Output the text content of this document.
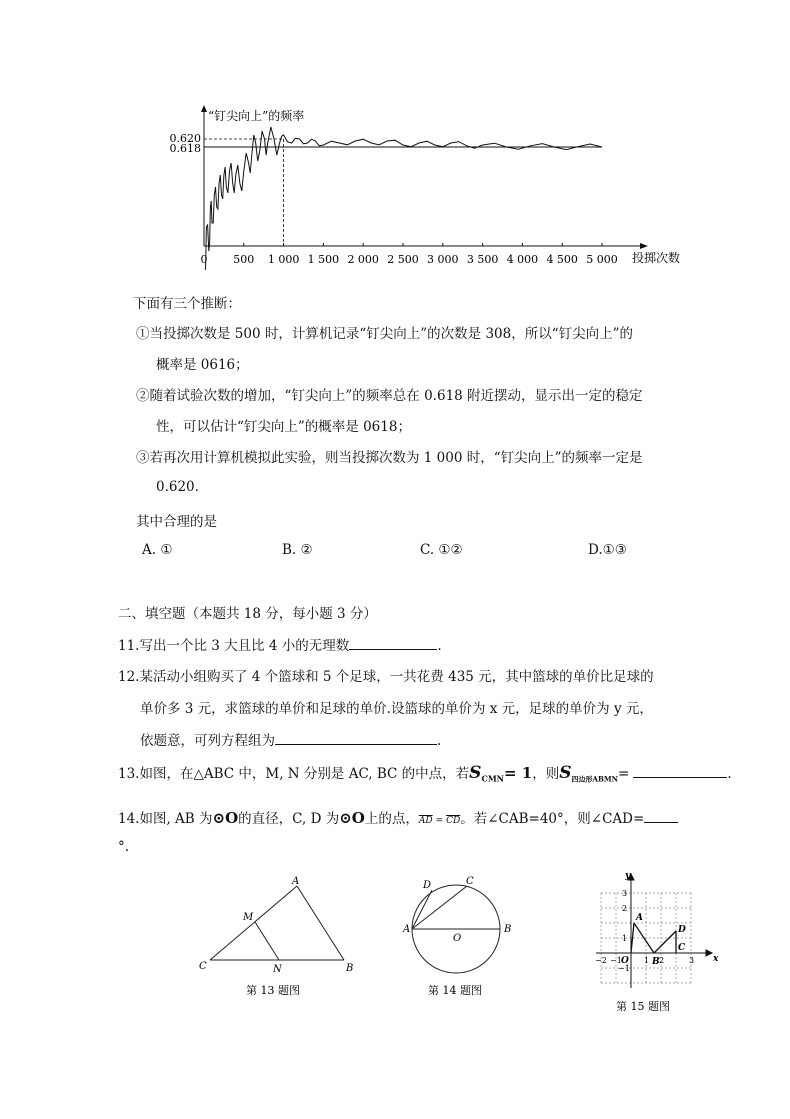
0 500 1 000 1 500 2 000 2 500 3 000 3 500 4 000 4 500 5 000
“钉尖向上”的频率
0.620
0.618
投掷次数
下面有三个推断：
①当投掷次数是 500 时，计算机记录“钉尖向上”的次数是 308，所以“钉尖向上”的
概率是 0616；
②随着试验次数的增加，“钉尖向上”的频率总在 0.618 附近摆动，显示出一定的稳定
性，可以估计“钉尖向上”的概率是 0618；
③若再次用计算机模拟此实验，则当投掷次数为 1 000 时，“钉尖向上”的频率一定是
0.620.
其中合理的是
A. ①	B. ②	C. ①②	D.①③
二、填空题（本题共 18 分，每小题 3 分）
11.写出一个比 3 大且比 4 小的无理数	.
12.某活动小组购买了 4 个篮球和 5 个足球，一共花费 435 元，其中篮球的单价比足球的
单价多 3 元，求篮球的单价和足球的单价.设篮球的单价为 x 元，足球的单价为 y 元，
依题意，可列方程组为	.
13.如图，在△ABC 中，M, N 分别是 AC, BC 的中点，若$S_{CMN}= 1$，则$S_{四边形ABMN}=$	.
14.如图, AB 为⊙O的直径，C, D 为⊙O上的点，$\overline{AD} = \overline{CD}$。若∠CAB=40°，则∠CAD=
°.
A
B
C
M
N
第 13 题图
A	B
C
D
O
第 14 题图
y
x
O
A
B
C
D
−2 −1	1 2	3
3
2
1
−1
第 15 题图
